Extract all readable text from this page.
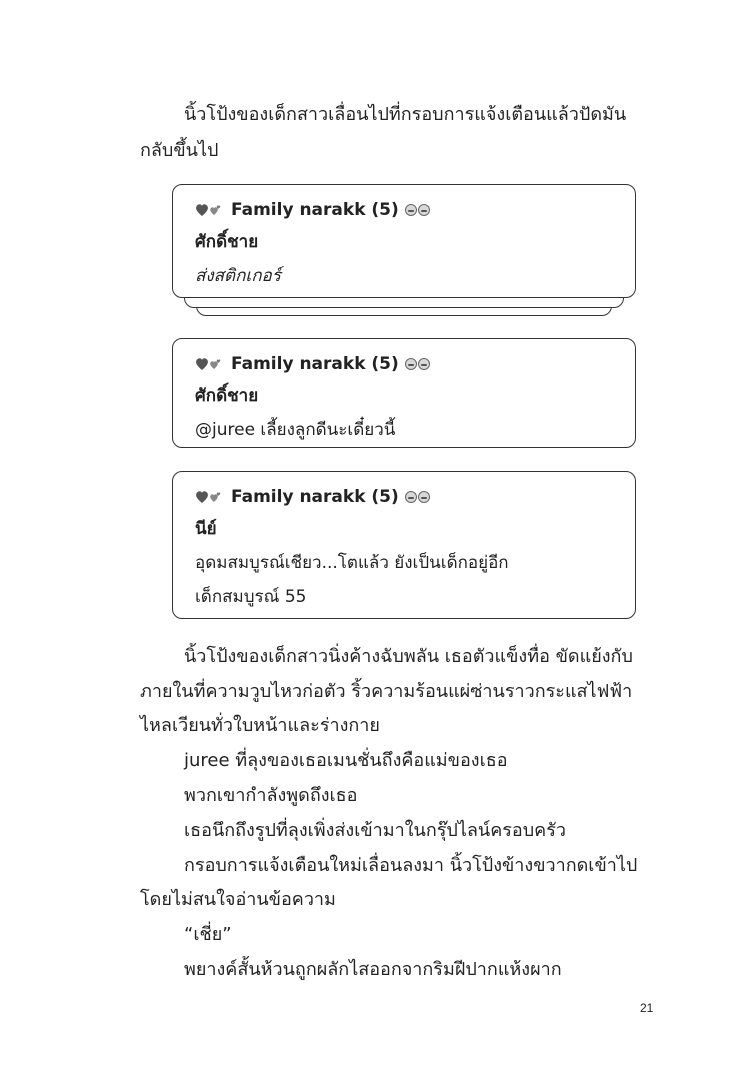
นิ้วโป้งของเด็กสาวเลื่อนไปที่กรอบการแจ้งเตือนแล้วปัดมัน
กลับขึ้นไป
Family narakk (5)
ศักดิ์ชาย
ส่งสติกเกอร์
Family narakk (5)
ศักดิ์ชาย
@juree เลี้ยงลูกดีนะเดี๋ยวนี้
Family narakk (5)
นีย์
อุดมสมบูรณ์เชียว...โตแล้ว ยังเป็นเด็กอยู่อีก
เด็กสมบูรณ์ 55
นิ้วโป้งของเด็กสาวนิ่งค้างฉับพลัน เธอตัวแข็งทื่อ ขัดแย้งกับ
ภายในที่ความวูบไหวก่อตัว ริ้วความร้อนแผ่ซ่านราวกระแสไฟฟ้า
ไหลเวียนทั่วใบหน้าและร่างกาย
juree ที่ลุงของเธอเมนชั่นถึงคือแม่ของเธอ
พวกเขากำลังพูดถึงเธอ
เธอนึกถึงรูปที่ลุงเพิ่งส่งเข้ามาในกรุ๊ปไลน์ครอบครัว
กรอบการแจ้งเตือนใหม่เลื่อนลงมา นิ้วโป้งข้างขวากดเข้าไป
โดยไม่สนใจอ่านข้อความ
“เชี่ย”
พยางค์สั้นห้วนถูกผลักไสออกจากริมฝีปากแห้งผาก
21
